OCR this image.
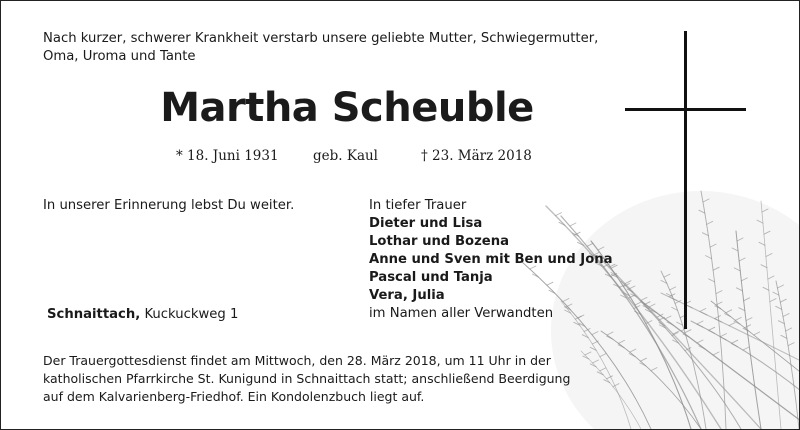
Nach kurzer, schwerer Krankheit verstarb unsere geliebte Mutter, Schwiegermutter,
Oma, Uroma und Tante
Martha Scheuble
* 18. Juni 1931	geb. Kaul	† 23. März 2018
In unserer Erinnerung lebst Du weiter.	In tiefer Trauer
Dieter und Lisa
Lothar und Bozena
Anne und Sven mit Ben und Jona
Pascal und Tanja
Vera, Julia
im Namen aller Verwandten
Schnaittach, Kuckuckweg 1
Der Trauergottesdienst findet am Mittwoch, den 28. März 2018, um 11 Uhr in der
katholischen Pfarrkirche St. Kunigund in Schnaittach statt; anschließend Beerdigung
auf dem Kalvarienberg-Friedhof. Ein Kondolenzbuch liegt auf.
